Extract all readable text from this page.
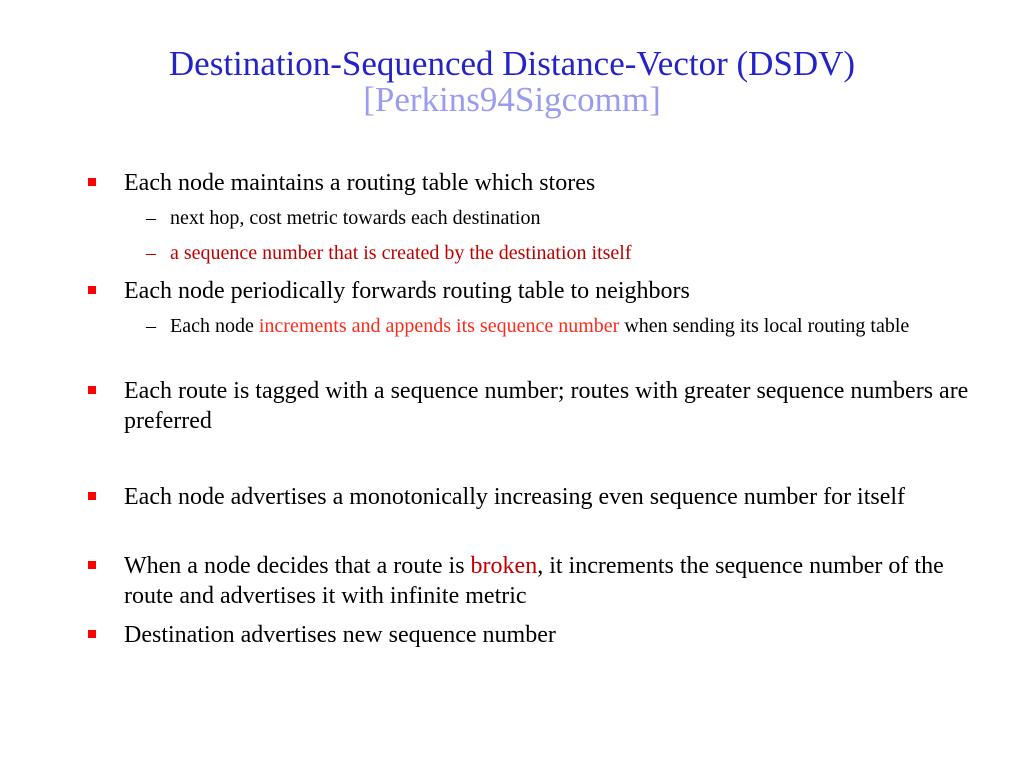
Destination-Sequenced Distance-Vector (DSDV)
[Perkins94Sigcomm]

Each node maintains a routing table which stores

– next hop, cost metric towards each destination

– a sequence number that is created by the destination itself

Each node periodically forwards routing table to neighbors

– Each node increments and appends its sequence number when sending its local routing table

Each route is tagged with a sequence number; routes with greater sequence numbers are preferred

Each node advertises a monotonically increasing even sequence number for itself

When a node decides that a route is broken, it increments the sequence number of the route and advertises it with infinite metric

Destination advertises new sequence number
